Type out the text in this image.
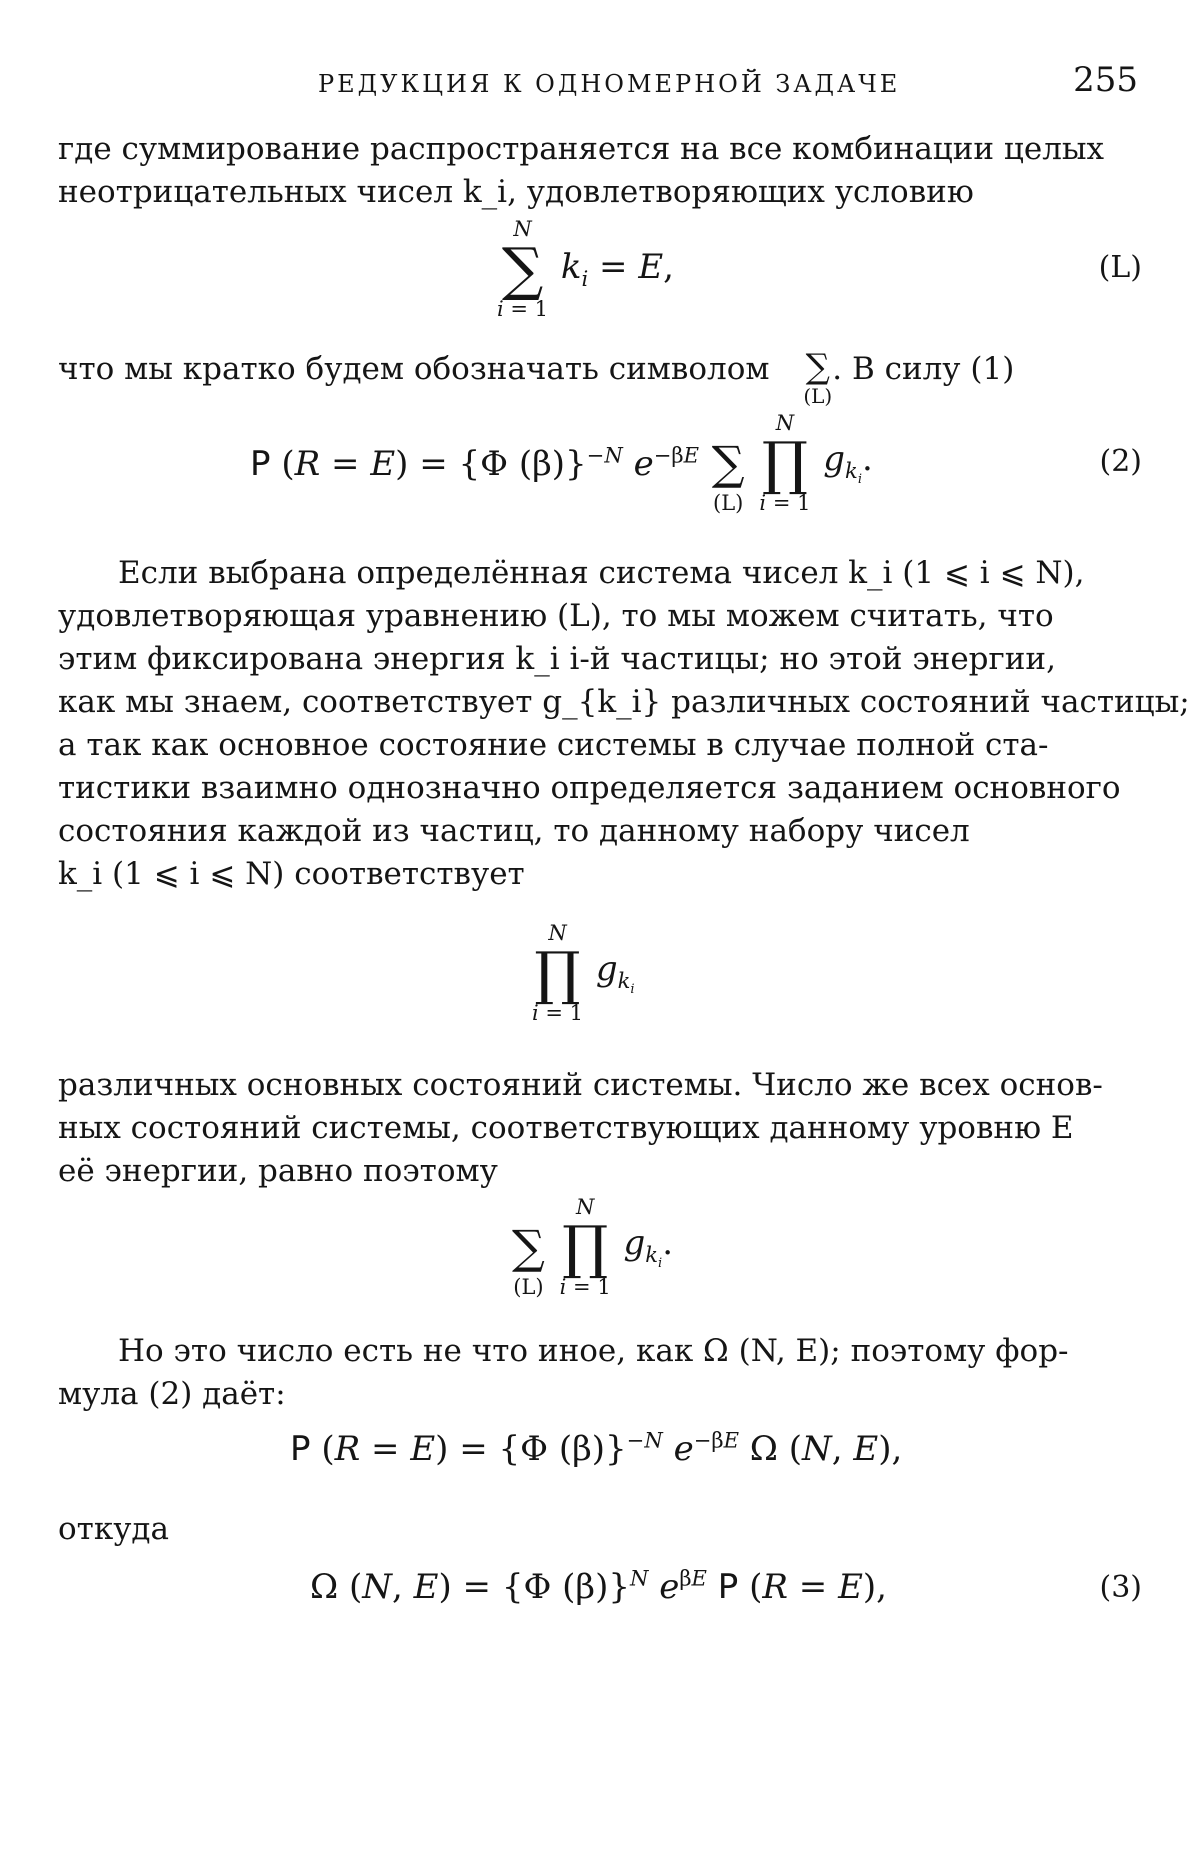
РЕДУКЦИЯ К ОДНОМЕРНОЙ ЗАДАЧЕ	255
где суммирование распространяется на все комбинации целых
неотрицательных чисел k_i, удовлетворяющих условию
N
∑
i = 1
$k_i = E$,	(L)
что мы кратко будем обозначать символом ∑
(L)
. В силу (1)
P (R = E) = {Φ (β)}$^{-N}$ $e^{-\beta E}$
∑
(L)

N
∏
i = 1
$g_{k_i}$.	(2)
Если выбрана определённая система чисел k_i (1 ⩽ i ⩽ N),
удовлетворяющая уравнению (L), то мы можем считать, что
этим фиксирована энергия k_i i-й частицы; но этой энергии,
как мы знаем, соответствует g_{k_i} различных состояний частицы;
а так как основное состояние системы в случае полной ста-
тистики взаимно однозначно определяется заданием основного
состояния каждой из частиц, то данному набору чисел
k_i (1 ⩽ i ⩽ N) соответствует
N
∏
i = 1
$g_{k_i}$
различных основных состояний системы. Число же всех основ-
ных состояний системы, соответствующих данному уровню E
её энергии, равно поэтому

∑
(L)

N
∏
i = 1
$g_{k_i}$.
Но это число есть не что иное, как Ω (N, E); поэтому фор-
мула (2) даёт:
P (R = E) = {Φ (β)}$^{-N}$ $e^{-\beta E}$ Ω (N, E),
откуда
Ω (N, E) = {Φ (β)}$^N$ $e^{\beta E}$ P (R = E),	(3)
